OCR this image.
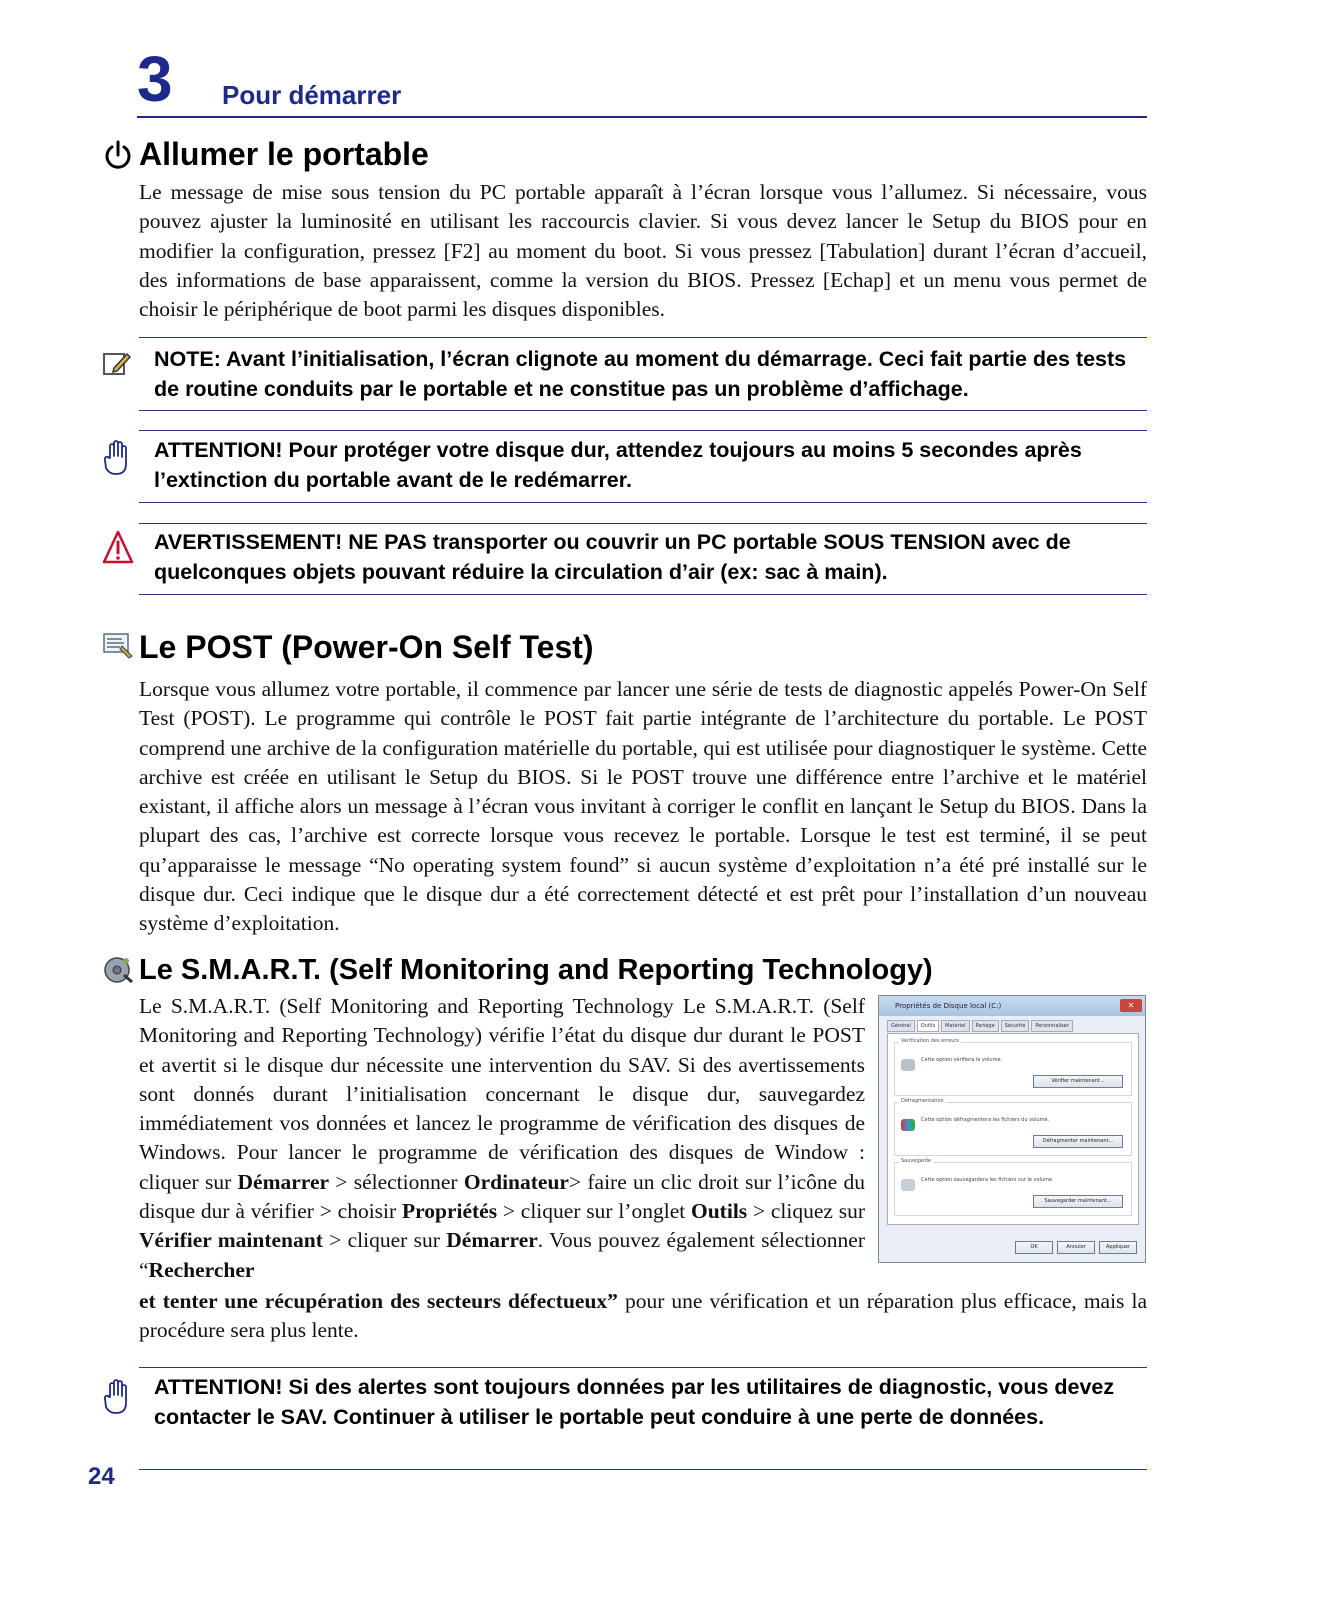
3 Pour démarrer
Allumer le portable

Le message de mise sous tension du PC portable apparaît à l’écran lorsque vous l’allumez. Si nécessaire, vous pouvez ajuster la luminosité en utilisant les raccourcis clavier. Si vous devez lancer le Setup du BIOS pour en modifier la configuration, pressez [F2] au moment du boot. Si vous pressez [Tabulation] durant l’écran d’accueil, des informations de base apparaissent, comme la version du BIOS. Pressez [Echap] et un menu vous permet de choisir le périphérique de boot parmi les disques disponibles.

NOTE: Avant l’initialisation, l’écran clignote au moment du démarrage. Ceci fait partie des tests de routine conduits par le portable et ne constitue pas un problème d’affichage.

ATTENTION! Pour protéger votre disque dur, attendez toujours au moins 5 secondes après l’extinction du portable avant de le redémarrer.

AVERTISSEMENT! NE PAS transporter ou couvrir un PC portable SOUS TENSION avec de quelconques objets pouvant réduire la circulation d’air (ex: sac à main).

Le POST (Power-On Self Test)

Lorsque vous allumez votre portable, il commence par lancer une série de tests de diagnostic appelés Power-On Self Test (POST). Le programme qui contrôle le POST fait partie intégrante de l’architecture du portable. Le POST comprend une archive de la configuration matérielle du portable, qui est utilisée pour diagnostiquer le système. Cette archive est créée en utilisant le Setup du BIOS. Si le POST trouve une différence entre l’archive et le matériel existant, il affiche alors un message à l’écran vous invitant à corriger le conflit en lançant le Setup du BIOS. Dans la plupart des cas, l’archive est correcte lorsque vous recevez le portable. Lorsque le test est terminé, il se peut qu’apparaisse le message “No operating system found” si aucun système d’exploitation n’a été pré installé sur le disque dur. Ceci indique que le disque dur a été correctement détecté et est prêt pour l’installation d’un nouveau système d’exploitation.

Le S.M.A.R.T. (Self Monitoring and Reporting Technology)

Le S.M.A.R.T. (Self Monitoring and Reporting Technology Le S.M.A.R.T. (Self Monitoring and Reporting Technology) vérifie l’état du disque dur durant le POST et avertit si le disque dur nécessite une intervention du SAV. Si des avertissements sont donnés durant l’initialisation concernant le disque dur, sauvegardez immédiatement vos données et lancez le programme de vérification des disques de Windows. Pour lancer le programme de vérification des disques de Window : cliquer sur Démarrer > sélectionner Ordinateur> faire un clic droit sur l’icône du disque dur à vérifier > choisir Propriétés > cliquer sur l’onglet Outils > cliquez sur Vérifier maintenant > cliquer sur Démarrer. Vous pouvez également sélectionner “Rechercher

et tenter une récupération des secteurs défectueux” pour une vérification et un réparation plus efficace, mais la procédure sera plus lente.

Propriétés de Disque local (C:)	✕
Général	Outils	Matériel	Partage	Sécurité	Personnaliser
Vérification des erreurs
Cette option vérifiera le volume.
Vérifier maintenant...
Défragmentation
Cette option défragmentera les fichiers du volume.
Défragmenter maintenant...
Sauvegarde
Cette option sauvegardera les fichiers sur le volume.
Sauvegarder maintenant...
OK	Annuler	Appliquer

ATTENTION! Si des alertes sont toujours données par les utilitaires de diagnostic, vous devez contacter le SAV. Continuer à utiliser le portable peut conduire à une perte de données.

24
